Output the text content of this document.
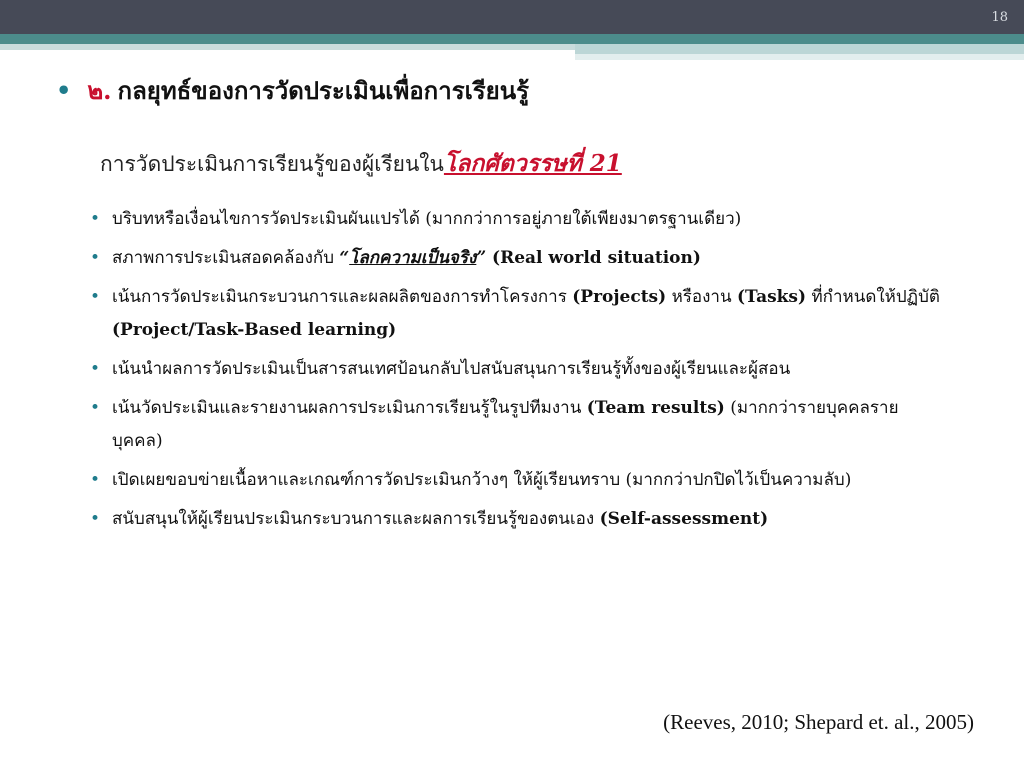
18
• ๒. กลยุทธ์ของการวัดประเมินเพื่อการเรียนรู้
การวัดประเมินการเรียนรู้ของผู้เรียนในโลกศัตวรรษที่ 21
• บริบทหรือเงื่อนไขการวัดประเมินผันแปรได้ (มากกว่าการอยู่ภายใต้เพียงมาตรฐานเดียว)
• สภาพการประเมินสอดคล้องกับ “โลกความเป็นจริง” (Real world situation)
• เน้นการวัดประเมินกระบวนการและผลผลิตของการทำโครงการ (Projects) หรืองาน (Tasks) ที่กำหนดให้ปฏิบัติ (Project/Task-Based learning)
• เน้นนำผลการวัดประเมินเป็นสารสนเทศป้อนกลับไปสนับสนุนการเรียนรู้ทั้งของผู้เรียนและผู้สอน
• เน้นวัดประเมินและรายงานผลการประเมินการเรียนรู้ในรูปทีมงาน (Team results) (มากกว่ารายบุคคลรายบุคคล)
• เปิดเผยขอบข่ายเนื้อหาและเกณฑ์การวัดประเมินกว้างๆ ให้ผู้เรียนทราบ (มากกว่าปกปิดไว้เป็นความลับ)
• สนับสนุนให้ผู้เรียนประเมินกระบวนการและผลการเรียนรู้ของตนเอง (Self-assessment)
(Reeves, 2010; Shepard et. al., 2005)
